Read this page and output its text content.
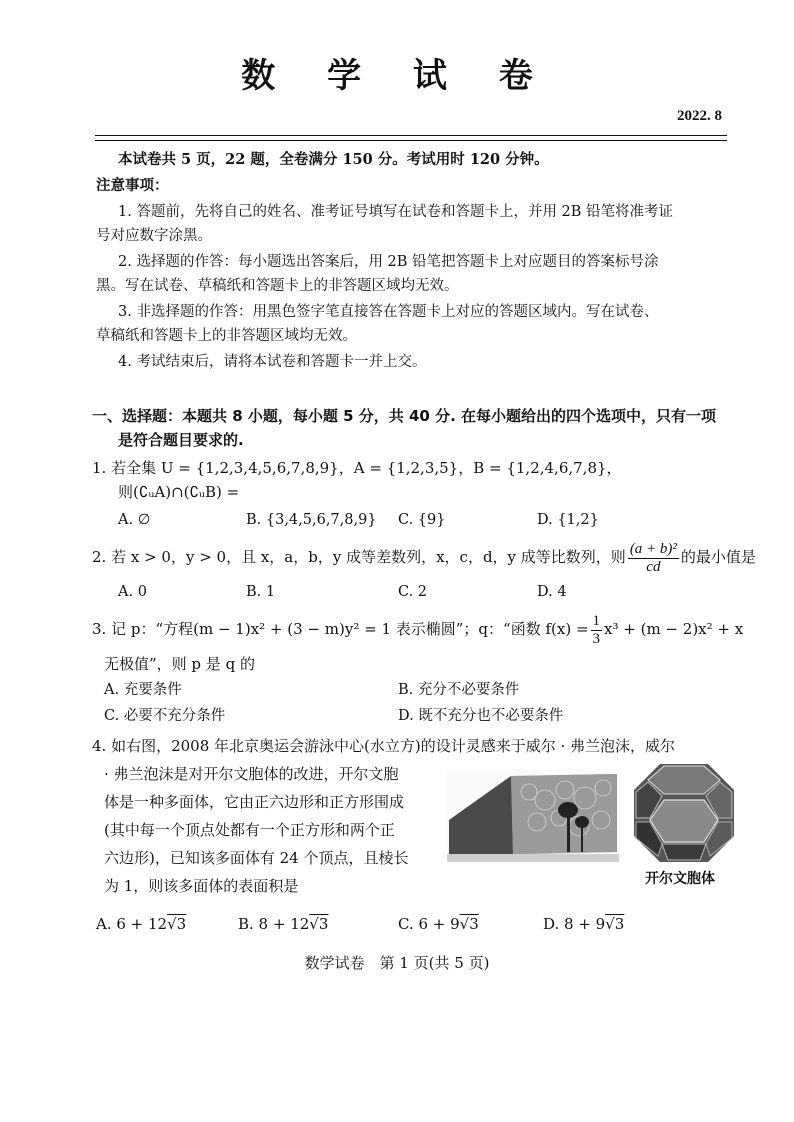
数 学 试 卷
2022. 8
本试卷共 5 页，22 题，全卷满分 150 分。考试用时 120 分钟。
注意事项：
1. 答题前，先将自己的姓名、准考证号填写在试卷和答题卡上，并用 2B 铅笔将准考证
号对应数字涂黑。
2. 选择题的作答：每小题选出答案后，用 2B 铅笔把答题卡上对应题目的答案标号涂
黑。写在试卷、草稿纸和答题卡上的非答题区域均无效。
3. 非选择题的作答：用黑色签字笔直接答在答题卡上对应的答题区域内。写在试卷、
草稿纸和答题卡上的非答题区域均无效。
4. 考试结束后，请将本试卷和答题卡一并上交。
一、选择题：本题共 8 小题，每小题 5 分，共 40 分. 在每小题给出的四个选项中，只有一项
是符合题目要求的.
1. 若全集 U = {1,2,3,4,5,6,7,8,9}，A = {1,2,3,5}，B = {1,2,4,6,7,8}，
则(∁ᵤA)∩(∁ᵤB) =
A. ∅	B. {3,4,5,6,7,8,9} C. {9}	D. {1,2}
2. 若 x > 0，y > 0，且 x，a，b，y 成等差数列，x，c，d，y 成等比数列，则 $\frac{\text{(a + b)²}}{cd}$ 的最小值是
A. 0	B. 1	C. 2	D. 4
3. 记 p：“方程(m − 1)x² + (3 − m)y² = 1 表示椭圆”；q：“函数 $f(x) = \frac{1}{3} x^3 + (m - 2)x^2 + x$
无极值”，则 p 是 q 的
A. 充要条件	B. 充分不必要条件
C. 必要不充分条件	D. 既不充分也不必要条件
4. 如右图，2008 年北京奥运会游泳中心(水立方)的设计灵感来于威尔 · 弗兰泡沫，威尔
· 弗兰泡沫是对开尔文胞体的改进，开尔文胞
体是一种多面体，它由正六边形和正方形围成
(其中每一个顶点处都有一个正方形和两个正
六边形)，已知该多面体有 24 个顶点，且棱长
为 1，则该多面体的表面积是	开尔文胞体
A. 6 + 12√3	B. 8 + 12√3	C. 6 + 9√3	D. 8 + 9√3
数学试卷　第 1 页(共 5 页)
